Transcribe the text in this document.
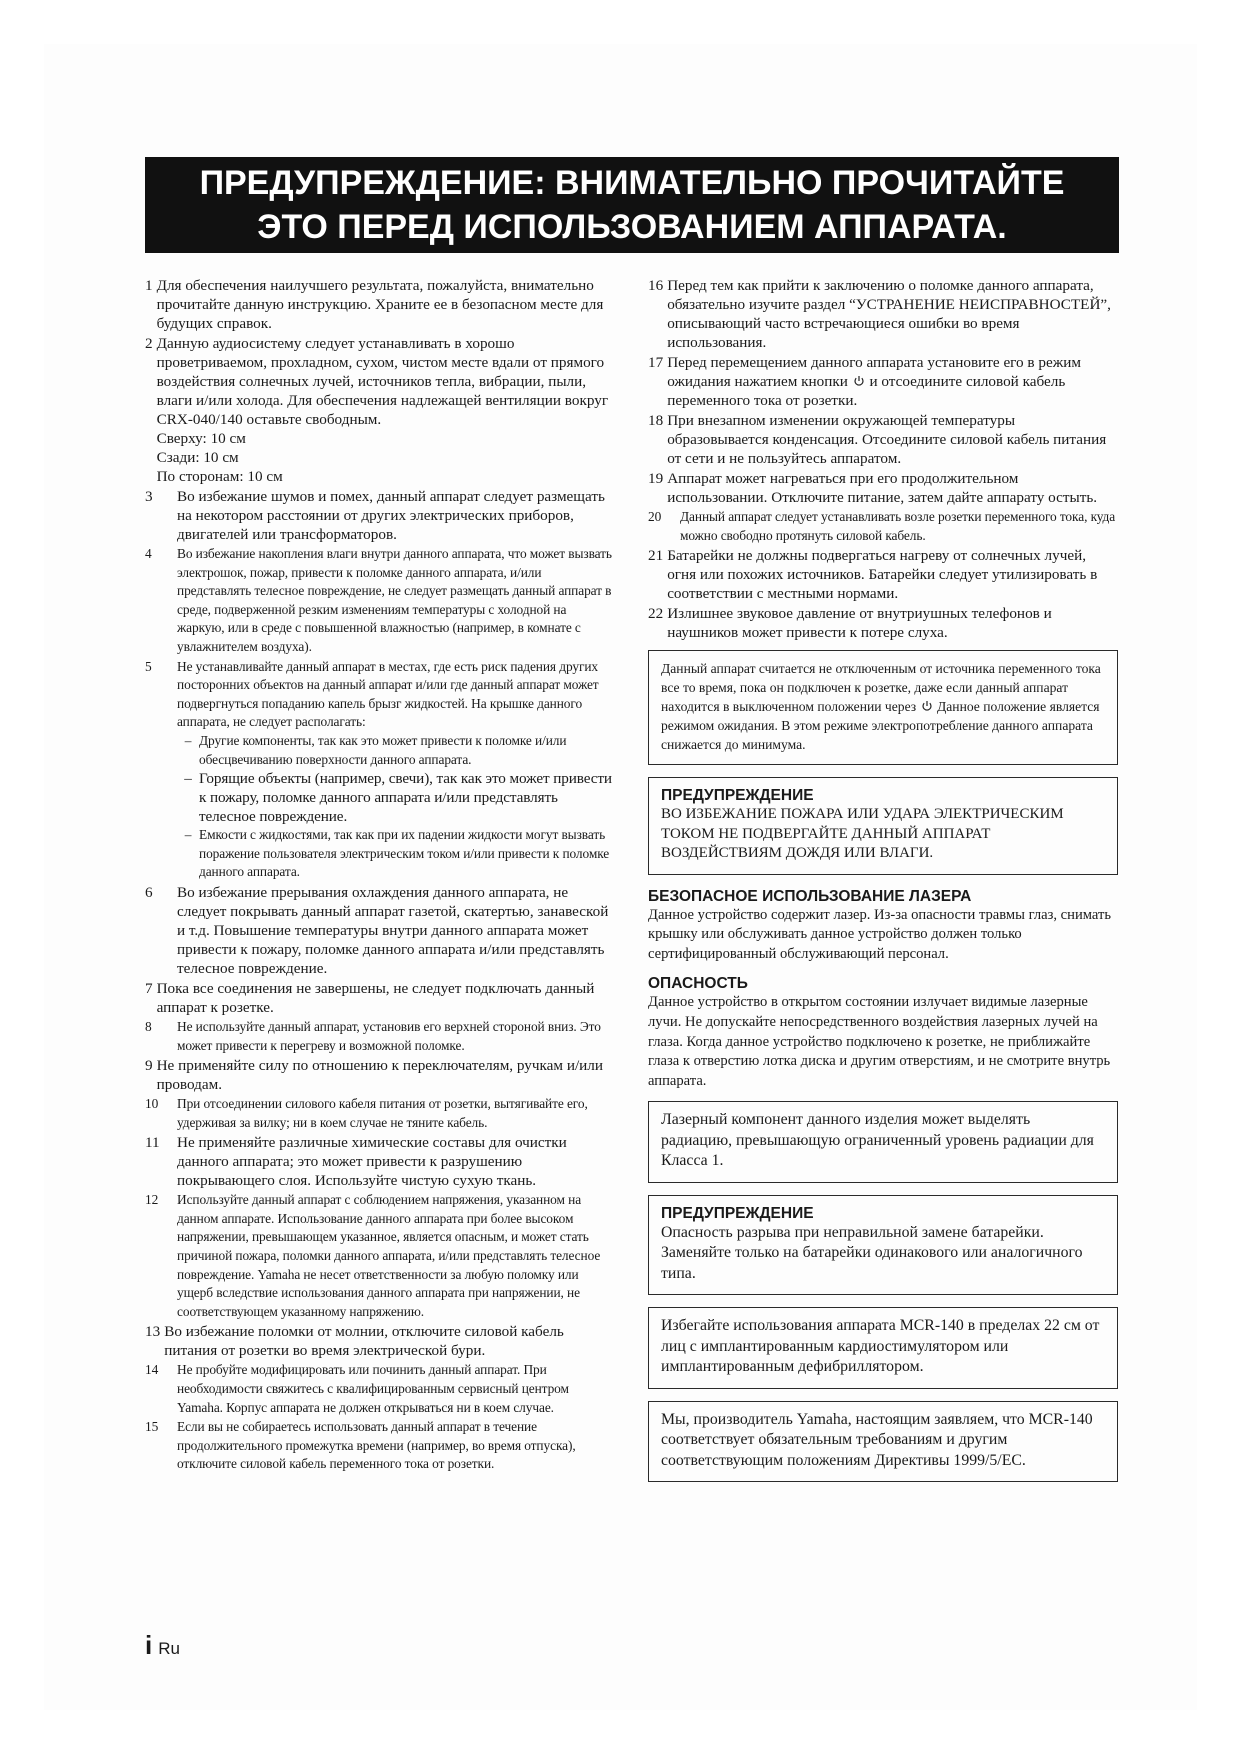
ПРЕДУПРЕЖДЕНИЕ: ВНИМАТЕЛЬНО ПРОЧИТАЙТЕ
ЭТО ПЕРЕД ИСПОЛЬЗОВАНИЕМ АППАРАТА.
1 Для обеспечения наилучшего результата, пожалуйста, внимательно прочитайте данную инструкцию. Храните ее в безопасном месте для будущих справок.
2 Данную аудиосистему следует устанавливать в хорошо проветриваемом, прохладном, сухом, чистом месте вдали от прямого воздействия солнечных лучей, источников тепла, вибрации, пыли, влаги и/или холода. Для обеспечения надлежащей вентиляции вокруг CRX-040/140 оставьте свободным.
Сверху: 10 см
Сзади: 10 см
По сторонам: 10 см
3	Во избежание шумов и помех, данный аппарат следует размещать на некотором расстоянии от других электрических приборов, двигателей или трансформаторов.
4	Во избежание накопления влаги внутри данного аппарата, что может вызвать электрошок, пожар, привести к поломке данного аппарата, и/или представлять телесное повреждение, не следует размещать данный аппарат в среде, подверженной резким изменениям температуры с холодной на жаркую, или в среде с повышенной влажностью (например, в комнате с увлажнителем воздуха).
5	Не устанавливайте данный аппарат в местах, где есть риск падения других посторонних объектов на данный аппарат и/или где данный аппарат может подвергнуться попаданию капель брызг жидкостей. На крышке данного аппарата, не следует располагать:
– Другие компоненты, так как это может привести к поломке и/или обесцвечиванию поверхности данного аппарата.
– Горящие объекты (например, свечи), так как это может привести к пожару, поломке данного аппарата и/или представлять телесное повреждение.
– Емкости с жидкостями, так как при их падении жидкости могут вызвать поражение пользователя электрическим током и/или привести к поломке данного аппарата.
6	Во избежание прерывания охлаждения данного аппарата, не следует покрывать данный аппарат газетой, скатертью, занавеской и т.д. Повышение температуры внутри данного аппарата может привести к пожару, поломке данного аппарата и/или представлять телесное повреждение.
7 Пока все соединения не завершены, не следует подключать данный аппарат к розетке.
8	Не используйте данный аппарат, установив его верхней стороной вниз. Это может привести к перегреву и возможной поломке.
9 Не применяйте силу по отношению к переключателям, ручкам и/или проводам.
10	При отсоединении силового кабеля питания от розетки, вытягивайте его, удерживая за вилку; ни в коем случае не тяните кабель.
11	Не применяйте различные химические составы для очистки данного аппарата; это может привести к разрушению покрывающего слоя. Используйте чистую сухую ткань.
12	Используйте данный аппарат с соблюдением напряжения, указанном на данном аппарате. Использование данного аппарата при более высоком напряжении, превышающем указанное, является опасным, и может стать причиной пожара, поломки данного аппарата, и/или представлять телесное повреждение. Yamaha не несет ответственности за любую поломку или ущерб вследствие использования данного аппарата при напряжении, не соответствующем указанному напряжению.
13 Во избежание поломки от молнии, отключите силовой кабель питания от розетки во время электрической бури.
14	Не пробуйте модифицировать или починить данный аппарат. При необходимости свяжитесь с квалифицированным сервисный центром Yamaha. Корпус аппарата не должен открываться ни в коем случае.
15	Если вы не собираетесь использовать данный аппарат в течение продолжительного промежутка времени (например, во время отпуска), отключите силовой кабель переменного тока от розетки.
16 Перед тем как прийти к заключению о поломке данного аппарата, обязательно изучите раздел “УСТРАНЕНИЕ НЕИСПРАВНОСТЕЙ”, описывающий часто встречающиеся ошибки во время использования.
17 Перед перемещением данного аппарата установите его в режим ожидания нажатием кнопки и отсоедините силовой кабель переменного тока от розетки.
18 При внезапном изменении окружающей температуры образовывается конденсация. Отсоедините силовой кабель питания от сети и не пользуйтесь аппаратом.
19 Аппарат может нагреваться при его продолжительном использовании. Отключите питание, затем дайте аппарату остыть.
20	Данный аппарат следует устанавливать возле розетки переменного тока, куда можно свободно протянуть силовой кабель.
21 Батарейки не должны подвергаться нагреву от солнечных лучей, огня или похожих источников. Батарейки следует утилизировать в соответствии с местными нормами.
22 Излишнее звуковое давление от внутриушных телефонов и наушников может привести к потере слуха.
Данный аппарат считается не отключенным от источника переменного тока все то время, пока он подключен к розетке, даже если данный аппарат находится в выключенном положении через Данное положение является режимом ожидания. В этом режиме электропотребление данного аппарата снижается до минимума.
ПРЕДУПРЕЖДЕНИЕ
ВО ИЗБЕЖАНИЕ ПОЖАРА ИЛИ УДАРА ЭЛЕКТРИЧЕСКИМ ТОКОМ НЕ ПОДВЕРГАЙТЕ ДАННЫЙ АППАРАТ ВОЗДЕЙСТВИЯМ ДОЖДЯ ИЛИ ВЛАГИ.
БЕЗОПАСНОЕ ИСПОЛЬЗОВАНИЕ ЛАЗЕРА
Данное устройство содержит лазер. Из-за опасности травмы глаз, снимать крышку или обслуживать данное устройство должен только сертифицированный обслуживающий персонал.
ОПАСНОСТЬ
Данное устройство в открытом состоянии излучает видимые лазерные лучи. Не допускайте непосредственного воздействия лазерных лучей на глаза. Когда данное устройство подключено к розетке, не приближайте глаза к отверстию лотка диска и другим отверстиям, и не смотрите внутрь аппарата.
Лазерный компонент данного изделия может выделять радиацию, превышающую ограниченный уровень радиации для Класса 1.
ПРЕДУПРЕЖДЕНИЕ
Опасность разрыва при неправильной замене батарейки. Заменяйте только на батарейки одинакового или аналогичного типа.
Избегайте использования аппарата MCR-140 в пределах 22 см от лиц с имплантированным кардиостимулятором или имплантированным дефибриллятором.
Мы, производитель Yamaha, настоящим заявляем, что MCR-140 соответствует обязательным требованиям и другим соответствующим положениям Директивы 1999/5/EC.
i Ru
